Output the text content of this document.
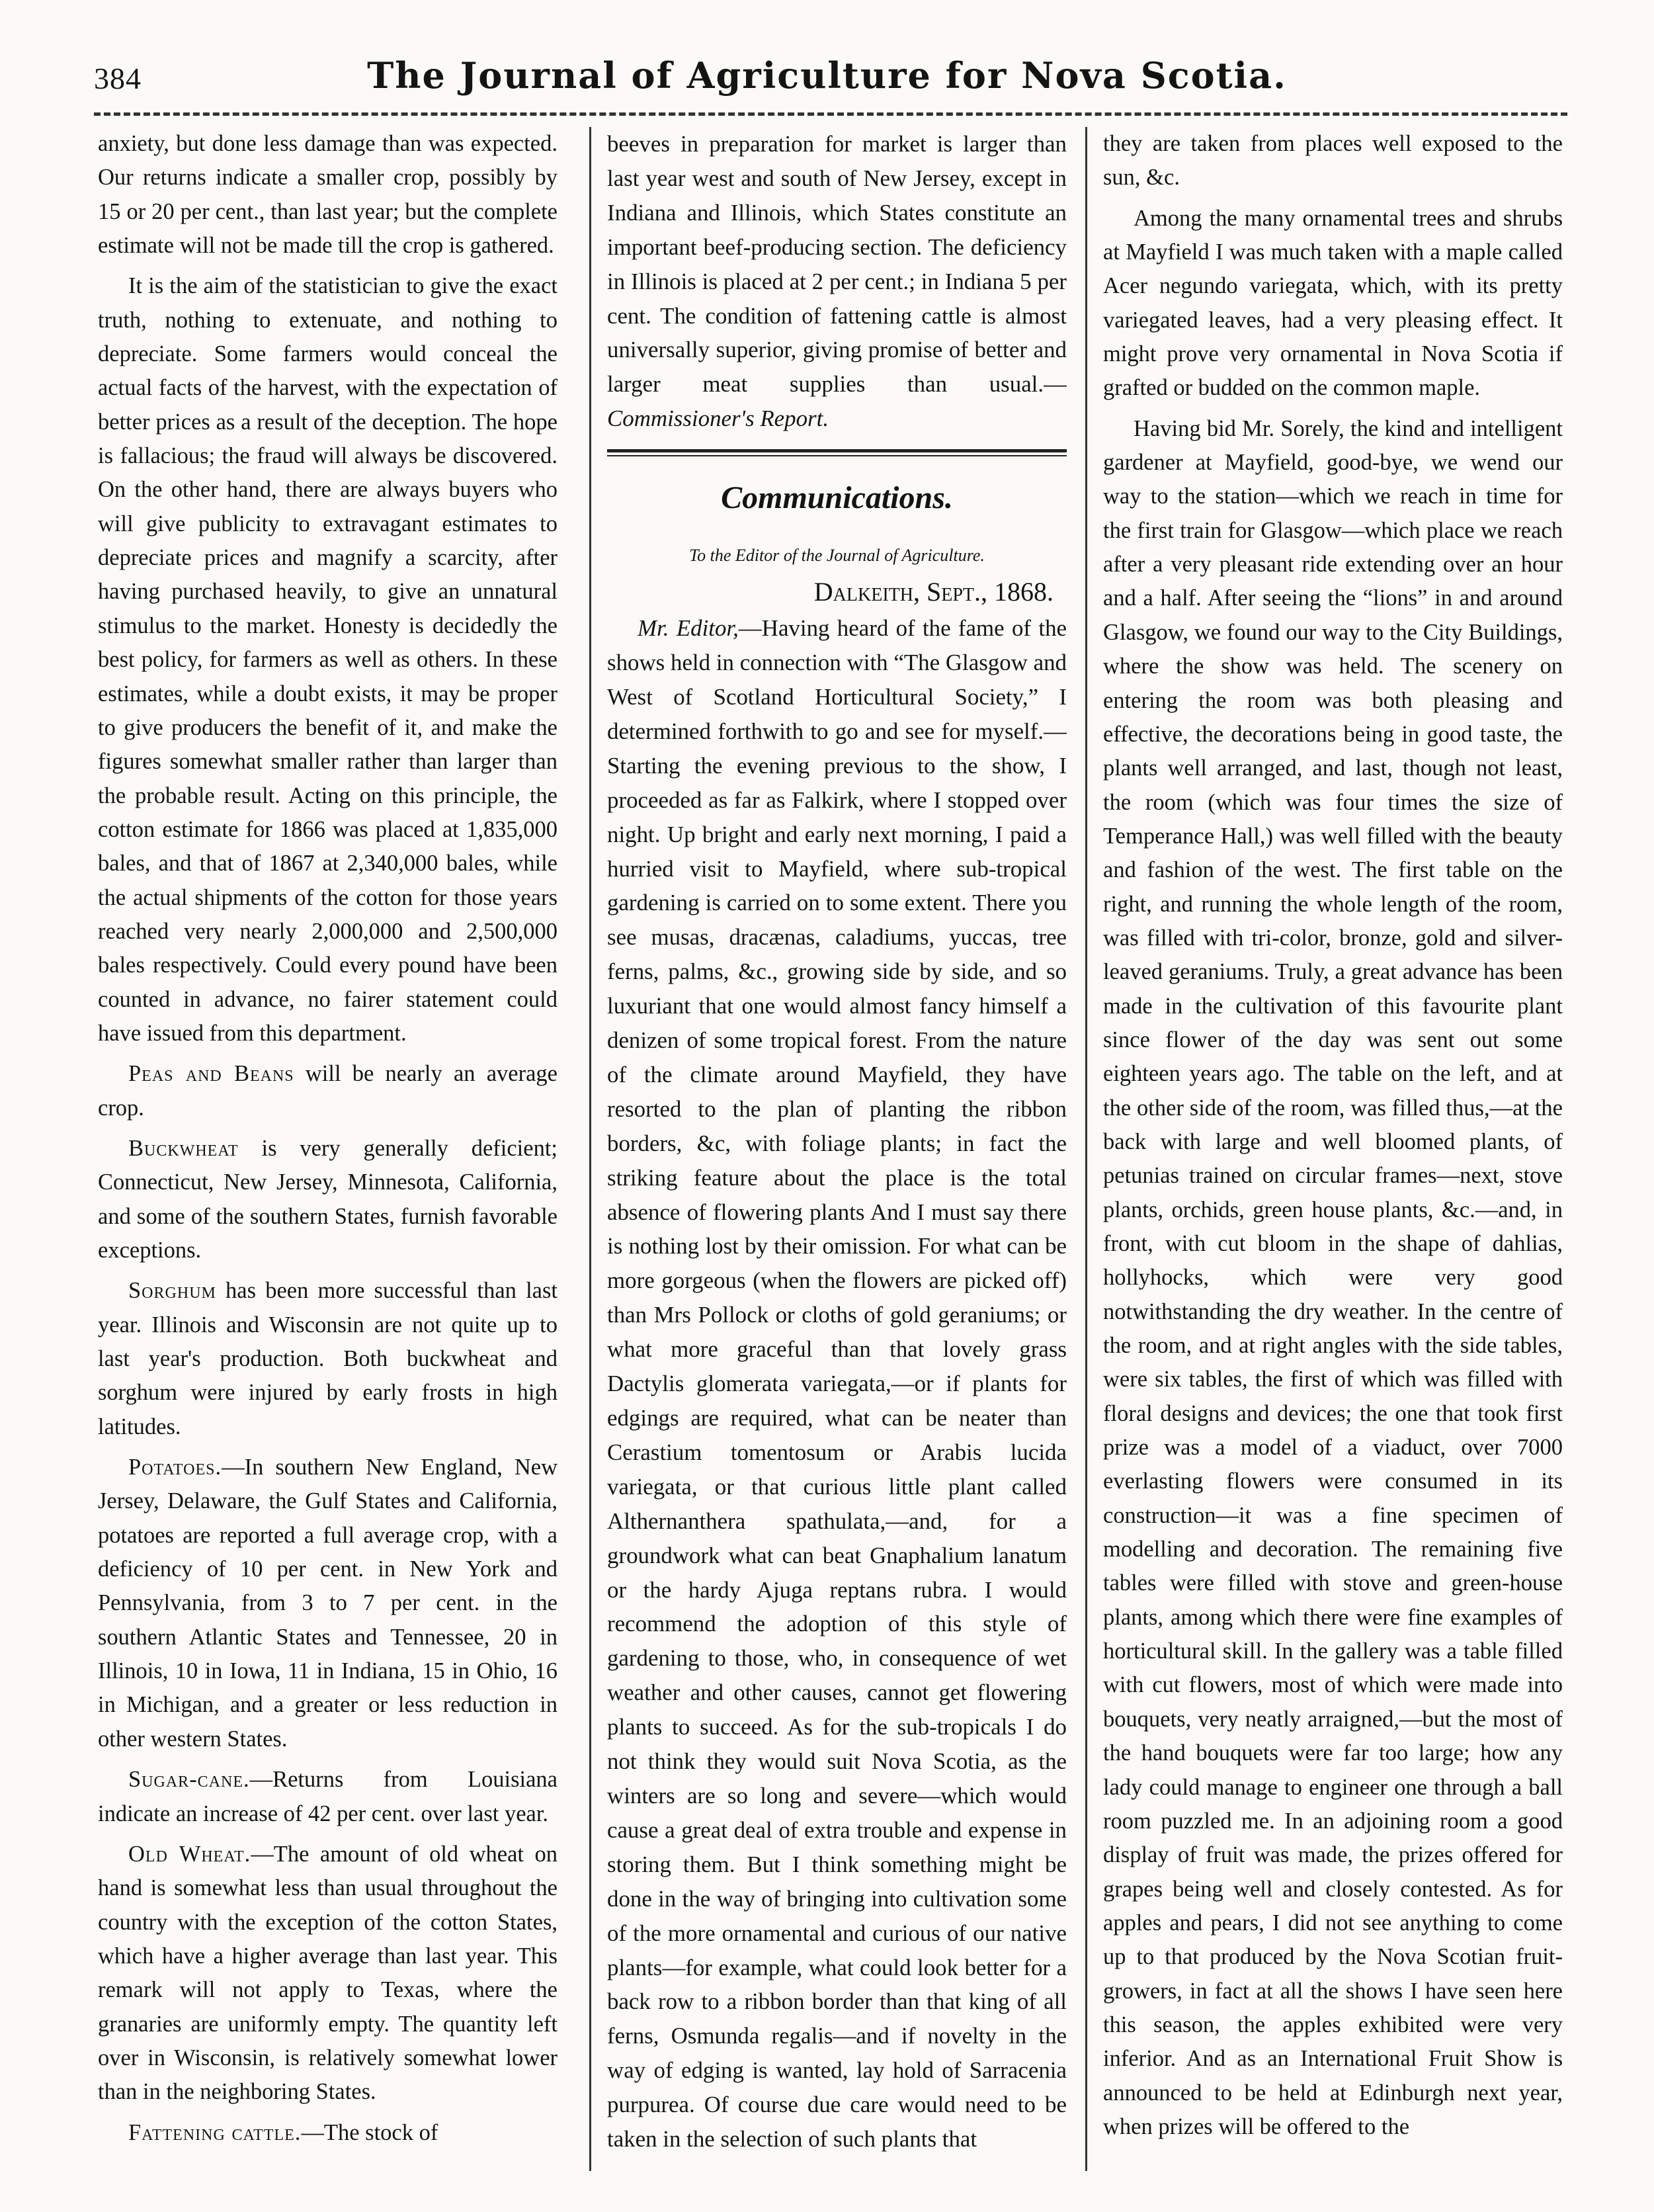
384	The Journal of Agriculture for Nova Scotia.

anxiety, but done less damage than was expected. Our returns indicate a smaller crop, possibly by 15 or 20 per cent., than last year; but the complete estimate will not be made till the crop is gathered.

It is the aim of the statistician to give the exact truth, nothing to extenuate, and nothing to depreciate. Some farmers would conceal the actual facts of the harvest, with the expectation of better prices as a result of the deception. The hope is fallacious; the fraud will always be discovered. On the other hand, there are always buyers who will give publicity to extravagant estimates to depreciate prices and magnify a scarcity, after having purchased heavily, to give an unnatural stimulus to the market. Honesty is decidedly the best policy, for farmers as well as others. In these estimates, while a doubt exists, it may be proper to give producers the benefit of it, and make the figures somewhat smaller rather than larger than the probable result. Acting on this principle, the cotton estimate for 1866 was placed at 1,835,000 bales, and that of 1867 at 2,340,000 bales, while the actual shipments of the cotton for those years reached very nearly 2,000,000 and 2,500,000 bales respectively. Could every pound have been counted in advance, no fairer statement could have issued from this department.

Peas and Beans will be nearly an average crop.

Buckwheat is very generally deficient; Connecticut, New Jersey, Minnesota, California, and some of the southern States, furnish favorable exceptions.

Sorghum has been more successful than last year. Illinois and Wisconsin are not quite up to last year's production. Both buckwheat and sorghum were injured by early frosts in high latitudes.

Potatoes.—In southern New England, New Jersey, Delaware, the Gulf States and California, potatoes are reported a full average crop, with a deficiency of 10 per cent. in New York and Pennsylvania, from 3 to 7 per cent. in the southern Atlantic States and Tennessee, 20 in Illinois, 10 in Iowa, 11 in Indiana, 15 in Ohio, 16 in Michigan, and a greater or less reduction in other western States.

Sugar-cane.—Returns from Louisiana indicate an increase of 42 per cent. over last year.

Old Wheat.—The amount of old wheat on hand is somewhat less than usual throughout the country with the exception of the cotton States, which have a higher average than last year. This remark will not apply to Texas, where the granaries are uniformly empty. The quantity left over in Wisconsin, is relatively somewhat lower than in the neighboring States.

Fattening cattle.—The stock of

beeves in preparation for market is larger than last year west and south of New Jersey, except in Indiana and Illinois, which States constitute an important beef-producing section. The deficiency in Illinois is placed at 2 per cent.; in Indiana 5 per cent. The condition of fattening cattle is almost universally superior, giving promise of better and larger meat supplies than usual.—Commissioner's Report.

Communications.
To the Editor of the Journal of Agriculture.
Dalkeith, Sept., 1868.

Mr. Editor,—Having heard of the fame of the shows held in connection with “The Glasgow and West of Scotland Horticultural Society,” I determined forthwith to go and see for myself.—Starting the evening previous to the show, I proceeded as far as Falkirk, where I stopped over night. Up bright and early next morning, I paid a hurried visit to Mayfield, where sub-tropical gardening is carried on to some extent. There you see musas, dracænas, caladiums, yuccas, tree ferns, palms, &c., growing side by side, and so luxuriant that one would almost fancy himself a denizen of some tropical forest. From the nature of the climate around Mayfield, they have resorted to the plan of planting the ribbon borders, &c, with foliage plants; in fact the striking feature about the place is the total absence of flowering plants And I must say there is nothing lost by their omission. For what can be more gorgeous (when the flowers are picked off) than Mrs Pollock or cloths of gold geraniums; or what more graceful than that lovely grass Dactylis glomerata variegata,—or if plants for edgings are required, what can be neater than Cerastium tomentosum or Arabis lucida variegata, or that curious little plant called Althernanthera spathulata,—and, for a groundwork what can beat Gnaphalium lanatum or the hardy Ajuga reptans rubra. I would recommend the adoption of this style of gardening to those, who, in consequence of wet weather and other causes, cannot get flowering plants to succeed. As for the sub-tropicals I do not think they would suit Nova Scotia, as the winters are so long and severe—which would cause a great deal of extra trouble and expense in storing them. But I think something might be done in the way of bringing into cultivation some of the more ornamental and curious of our native plants—for example, what could look better for a back row to a ribbon border than that king of all ferns, Osmunda regalis—and if novelty in the way of edging is wanted, lay hold of Sarracenia purpurea. Of course due care would need to be taken in the selection of such plants that

they are taken from places well exposed to the sun, &c.

Among the many ornamental trees and shrubs at Mayfield I was much taken with a maple called Acer negundo variegata, which, with its pretty variegated leaves, had a very pleasing effect. It might prove very ornamental in Nova Scotia if grafted or budded on the common maple.

Having bid Mr. Sorely, the kind and intelligent gardener at Mayfield, good-bye, we wend our way to the station—which we reach in time for the first train for Glasgow—which place we reach after a very pleasant ride extending over an hour and a half. After seeing the “lions” in and around Glasgow, we found our way to the City Buildings, where the show was held. The scenery on entering the room was both pleasing and effective, the decorations being in good taste, the plants well arranged, and last, though not least, the room (which was four times the size of Temperance Hall,) was well filled with the beauty and fashion of the west. The first table on the right, and running the whole length of the room, was filled with tri-color, bronze, gold and silver-leaved geraniums. Truly, a great advance has been made in the cultivation of this favourite plant since flower of the day was sent out some eighteen years ago. The table on the left, and at the other side of the room, was filled thus,—at the back with large and well bloomed plants, of petunias trained on circular frames—next, stove plants, orchids, green house plants, &c.—and, in front, with cut bloom in the shape of dahlias, hollyhocks, which were very good notwithstanding the dry weather. In the centre of the room, and at right angles with the side tables, were six tables, the first of which was filled with floral designs and devices; the one that took first prize was a model of a viaduct, over 7000 everlasting flowers were consumed in its construction—it was a fine specimen of modelling and decoration. The remaining five tables were filled with stove and green-house plants, among which there were fine examples of horticultural skill. In the gallery was a table filled with cut flowers, most of which were made into bouquets, very neatly arraigned,—but the most of the hand bouquets were far too large; how any lady could manage to engineer one through a ball room puzzled me. In an adjoining room a good display of fruit was made, the prizes offered for grapes being well and closely contested. As for apples and pears, I did not see anything to come up to that produced by the Nova Scotian fruit-growers, in fact at all the shows I have seen here this season, the apples exhibited were very inferior. And as an International Fruit Show is announced to be held at Edinburgh next year, when prizes will be offered to the
